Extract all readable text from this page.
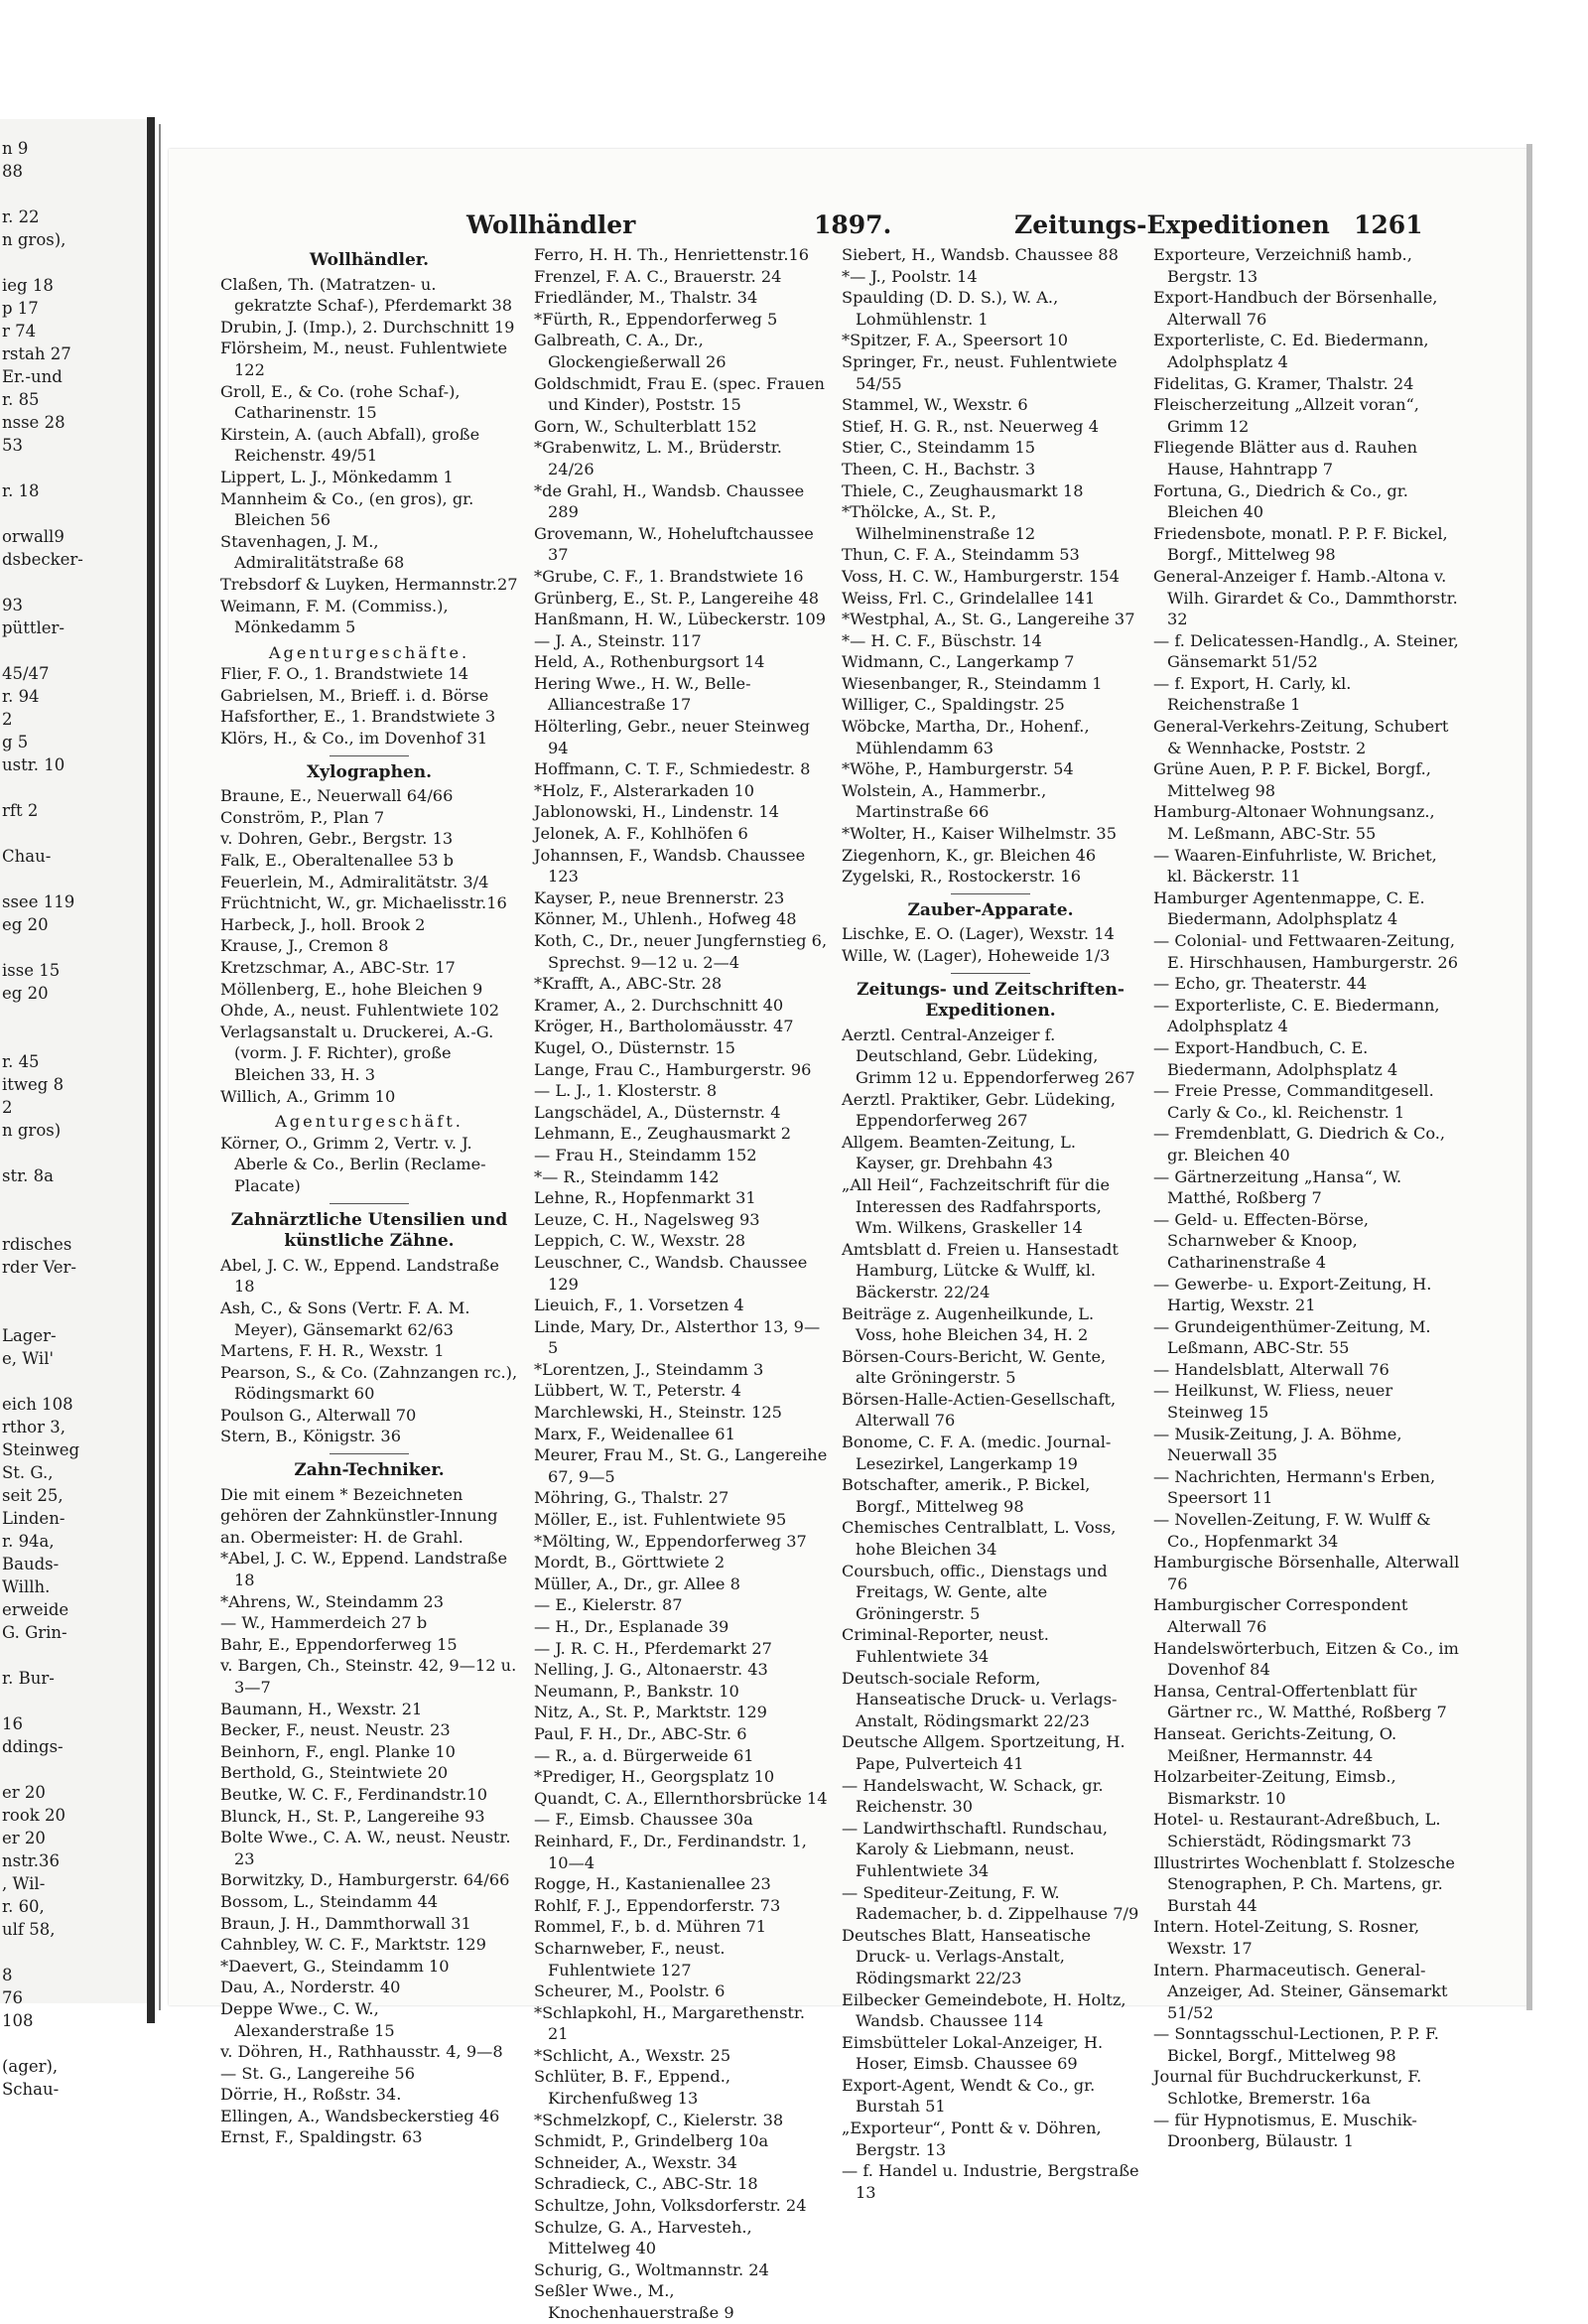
n 9
88

r. 22
n gros),

ieg 18
p 17
r 74
rstah 27
Er.-und
r. 85
nsse 28
53

r. 18

orwall9
dsbecker-

93
püttler-

45/47
r. 94
2
g 5
ustr. 10

rft 2

Chau-

ssee 119
eg 20

isse 15
eg 20

r. 45
itweg 8
2
n gros)

str. 8a

rdisches
rder Ver-

Lager-
e, Wil'

eich 108
rthor 3,
Steinweg
St. G.,
seit 25,
Linden-
r. 94a,
Bauds-
Willh.
erweide
G. Grin-

r. Bur-

16
ddings-

er 20
rook 20
er 20
nstr.36
, Wil-
r. 60,
ulf 58,

8
76
108

(ager),
Schau-
Wollhändler	1897.	Zeitungs-Expeditionen 1261
Wollhändler.
Claßen, Th. (Matratzen- u. gekratzte Schaf-), Pferdemarkt 38
Drubin, J. (Imp.), 2. Durchschnitt 19
Flörsheim, M., neust. Fuhlentwiete 122
Groll, E., & Co. (rohe Schaf-), Catharinenstr. 15
Kirstein, A. (auch Abfall), große Reichenstr. 49/51
Lippert, L. J., Mönkedamm 1
Mannheim & Co., (en gros), gr. Bleichen 56
Stavenhagen, J. M., Admiralitätstraße 68
Trebsdorf & Luyken, Hermannstr.27
Weimann, F. M. (Commiss.), Mönkedamm 5
Agenturgeschäfte.
Flier, F. O., 1. Brandstwiete 14
Gabrielsen, M., Brieff. i. d. Börse
Hafsforther, E., 1. Brandstwiete 3
Klörs, H., & Co., im Dovenhof 31
Xylographen.
Braune, E., Neuerwall 64/66
Conström, P., Plan 7
v. Dohren, Gebr., Bergstr. 13
Falk, E., Oberaltenallee 53 b
Feuerlein, M., Admiralitätstr. 3/4
Früchtnicht, W., gr. Michaelisstr.16
Harbeck, J., holl. Brook 2
Krause, J., Cremon 8
Kretzschmar, A., ABC-Str. 17
Möllenberg, E., hohe Bleichen 9
Ohde, A., neust. Fuhlentwiete 102
Verlagsanstalt u. Druckerei, A.-G. (vorm. J. F. Richter), große Bleichen 33, H. 3
Willich, A., Grimm 10
Agenturgeschäft.
Körner, O., Grimm 2, Vertr. v. J. Aberle & Co., Berlin (Reclame-Placate)
Zahnärztliche Utensilien und künstliche Zähne.
Abel, J. C. W., Eppend. Landstraße 18
Ash, C., & Sons (Vertr. F. A. M. Meyer), Gänsemarkt 62/63
Martens, F. H. R., Wexstr. 1
Pearson, S., & Co. (Zahnzangen rc.), Rödingsmarkt 60
Poulson G., Alterwall 70
Stern, B., Königstr. 36
Zahn-Techniker.
Die mit einem * Bezeichneten gehören der Zahnkünstler-Innung an. Obermeister: H. de Grahl.
*Abel, J. C. W., Eppend. Landstraße 18
*Ahrens, W., Steindamm 23
— W., Hammerdeich 27 b
Bahr, E., Eppendorferweg 15
v. Bargen, Ch., Steinstr. 42, 9—12 u. 3—7
Baumann, H., Wexstr. 21
Becker, F., neust. Neustr. 23
Beinhorn, F., engl. Planke 10
Berthold, G., Steintwiete 20
Beutke, W. C. F., Ferdinandstr.10
Blunck, H., St. P., Langereihe 93
Bolte Wwe., C. A. W., neust. Neustr. 23
Borwitzky, D., Hamburgerstr. 64/66
Bossom, L., Steindamm 44
Braun, J. H., Dammthorwall 31
Cahnbley, W. C. F., Marktstr. 129
*Daevert, G., Steindamm 10
Dau, A., Norderstr. 40
Deppe Wwe., C. W., Alexanderstraße 15
v. Döhren, H., Rathhausstr. 4, 9—8
— St. G., Langereihe 56
Dörrie, H., Roßstr. 34.
Ellingen, A., Wandsbeckerstieg 46
Ernst, F., Spaldingstr. 63
Ferro, H. H. Th., Henriettenstr.16
Frenzel, F. A. C., Brauerstr. 24
Friedländer, M., Thalstr. 34
*Fürth, R., Eppendorferweg 5
Galbreath, C. A., Dr., Glockengießerwall 26
Goldschmidt, Frau E. (spec. Frauen und Kinder), Poststr. 15
Gorn, W., Schulterblatt 152
*Grabenwitz, L. M., Brüderstr. 24/26
*de Grahl, H., Wandsb. Chaussee 289
Grovemann, W., Hoheluftchaussee 37
*Grube, C. F., 1. Brandstwiete 16
Grünberg, E., St. P., Langereihe 48
Hanßmann, H. W., Lübeckerstr. 109
— J. A., Steinstr. 117
Held, A., Rothenburgsort 14
Hering Wwe., H. W., Belle-Alliancestraße 17
Hölterling, Gebr., neuer Steinweg 94
Hoffmann, C. T. F., Schmiedestr. 8
*Holz, F., Alsterarkaden 10
Jablonowski, H., Lindenstr. 14
Jelonek, A. F., Kohlhöfen 6
Johannsen, F., Wandsb. Chaussee 123
Kayser, P., neue Brennerstr. 23
Könner, M., Uhlenh., Hofweg 48
Koth, C., Dr., neuer Jungfernstieg 6, Sprechst. 9—12 u. 2—4
*Krafft, A., ABC-Str. 28
Kramer, A., 2. Durchschnitt 40
Kröger, H., Bartholomäusstr. 47
Kugel, O., Düsternstr. 15
Lange, Frau C., Hamburgerstr. 96
— L. J., 1. Klosterstr. 8
Langschädel, A., Düsternstr. 4
Lehmann, E., Zeughausmarkt 2
— Frau H., Steindamm 152
*— R., Steindamm 142
Lehne, R., Hopfenmarkt 31
Leuze, C. H., Nagelsweg 93
Leppich, C. W., Wexstr. 28
Leuschner, C., Wandsb. Chaussee 129
Lieuich, F., 1. Vorsetzen 4
Linde, Mary, Dr., Alsterthor 13, 9—5
*Lorentzen, J., Steindamm 3
Lübbert, W. T., Peterstr. 4
Marchlewski, H., Steinstr. 125
Marx, F., Weidenallee 61
Meurer, Frau M., St. G., Langereihe 67, 9—5
Möhring, G., Thalstr. 27
Möller, E., ist. Fuhlentwiete 95
*Mölting, W., Eppendorferweg 37
Mordt, B., Görttwiete 2
Müller, A., Dr., gr. Allee 8
— E., Kielerstr. 87
— H., Dr., Esplanade 39
— J. R. C. H., Pferdemarkt 27
Nelling, J. G., Altonaerstr. 43
Neumann, P., Bankstr. 10
Nitz, A., St. P., Marktstr. 129
Paul, F. H., Dr., ABC-Str. 6
— R., a. d. Bürgerweide 61
*Prediger, H., Georgsplatz 10
Quandt, C. A., Ellernthorsbrücke 14
— F., Eimsb. Chaussee 30a
Reinhard, F., Dr., Ferdinandstr. 1, 10—4
Rogge, H., Kastanienallee 23
Rohlf, F. J., Eppendorferstr. 73
Rommel, F., b. d. Mühren 71
Scharnweber, F., neust. Fuhlentwiete 127
Scheurer, M., Poolstr. 6
*Schlapkohl, H., Margarethenstr. 21
*Schlicht, A., Wexstr. 25
Schlüter, B. F., Eppend., Kirchenfußweg 13
*Schmelzkopf, C., Kielerstr. 38
Schmidt, P., Grindelberg 10a
Schneider, A., Wexstr. 34
Schradieck, C., ABC-Str. 18
Schultze, John, Volksdorferstr. 24
Schulze, G. A., Harvestеh., Mittelweg 40
Schurig, G., Woltmannstr. 24
Seßler Wwe., M., Knochenhauerstraße 9
Siebert, H., Wandsb. Chaussee 88
*— J., Poolstr. 14
Spaulding (D. D. S.), W. A., Lohmühlenstr. 1
*Spitzer, F. A., Speersort 10
Springer, Fr., neust. Fuhlentwiete 54/55
Stammel, W., Wexstr. 6
Stief, H. G. R., nst. Neuerweg 4
Stier, C., Steindamm 15
Theen, C. H., Bachstr. 3
Thiele, C., Zeughausmarkt 18
*Thölcke, A., St. P., Wilhelminenstraße 12
Thun, C. F. A., Steindamm 53
Voss, H. C. W., Hamburgerstr. 154
Weiss, Frl. C., Grindelallee 141
*Westphal, A., St. G., Langereihe 37
*— H. C. F., Büschstr. 14
Widmann, C., Langerkamp 7
Wiesenbanger, R., Steindamm 1
Williger, C., Spaldingstr. 25
Wöbcke, Martha, Dr., Hohenf., Mühlendamm 63
*Wöhe, P., Hamburgerstr. 54
Wolstein, A., Hammerbr., Martinstraße 66
*Wolter, H., Kaiser Wilhelmstr. 35
Ziegenhorn, K., gr. Bleichen 46
Zygelski, R., Rostockerstr. 16
Zauber-Apparate.
Lischke, E. O. (Lager), Wexstr. 14
Wille, W. (Lager), Hoheweide 1/3
Zeitungs- und Zeitschriften-Expeditionen.
Aerztl. Central-Anzeiger f. Deutschland, Gebr. Lüdeking, Grimm 12 u. Eppendorferweg 267
Aerztl. Praktiker, Gebr. Lüdeking, Eppendorferweg 267
Allgem. Beamten-Zeitung, L. Kayser, gr. Drehbahn 43
„All Heil“, Fachzeitschrift für die Interessen des Radfahrsports, Wm. Wilkens, Graskeller 14
Amtsblatt d. Freien u. Hansestadt Hamburg, Lütcke & Wulff, kl. Bäckerstr. 22/24
Beiträge z. Augenheilkunde, L. Voss, hohe Bleichen 34, H. 2
Börsen-Cours-Bericht, W. Gente, alte Gröningerstr. 5
Börsen-Halle-Actien-Gesellschaft, Alterwall 76
Bonome, C. F. A. (medic. Journal-Lesezirkel, Langerkamp 19
Botschafter, amerik., P. Bickel, Borgf., Mittelweg 98
Chemisches Centralblatt, L. Voss, hohe Bleichen 34
Coursbuch, offic., Dienstags und Freitags, W. Gente, alte Gröningerstr. 5
Criminal-Reporter, neust. Fuhlentwiete 34
Deutsch-sociale Reform, Hanseatische Druck- u. Verlags-Anstalt, Rödingsmarkt 22/23
Deutsche Allgem. Sportzeitung, H. Pape, Pulverteich 41
— Handelswacht, W. Schack, gr. Reichenstr. 30
— Landwirthschaftl. Rundschau, Karoly & Liebmann, neust. Fuhlentwiete 34
— Spediteur-Zeitung, F. W. Rademacher, b. d. Zippelhause 7/9
Deutsches Blatt, Hanseatische Druck- u. Verlags-Anstalt, Rödingsmarkt 22/23
Eilbecker Gemeindebote, H. Holtz, Wandsb. Chaussee 114
Eimsbütteler Lokal-Anzeiger, H. Hoser, Eimsb. Chaussee 69
Export-Agent, Wendt & Co., gr. Burstah 51
„Exporteur“, Pontt & v. Döhren, Bergstr. 13
— f. Handel u. Industrie, Bergstraße 13
Exporteure, Verzeichniß hamb., Bergstr. 13
Export-Handbuch der Börsenhalle, Alterwall 76
Exporterliste, C. Ed. Biedermann, Adolphsplatz 4
Fidelitas, G. Kramer, Thalstr. 24
Fleischerzeitung „Allzeit voran“, Grimm 12
Fliegende Blätter aus d. Rauhen Hause, Hahntrapp 7
Fortuna, G., Diedrich & Co., gr. Bleichen 40
Friedensbote, monatl. P. P. F. Bickel, Borgf., Mittelweg 98
General-Anzeiger f. Hamb.-Altona v. Wilh. Girardet & Co., Dammthorstr. 32
— f. Delicatessen-Handlg., A. Steiner, Gänsemarkt 51/52
— f. Export, H. Carly, kl. Reichenstraße 1
General-Verkehrs-Zeitung, Schubert & Wennhacke, Poststr. 2
Grüne Auen, P. P. F. Bickel, Borgf., Mittelweg 98
Hamburg-Altonaer Wohnungsanz., M. Leßmann, ABC-Str. 55
— Waaren-Einfuhrliste, W. Brichet, kl. Bäckerstr. 11
Hamburger Agentenmappe, C. E. Biedermann, Adolphsplatz 4
— Colonial- und Fettwaaren-Zeitung, E. Hirschhausen, Hamburgerstr. 26
— Echo, gr. Theaterstr. 44
— Exporterliste, C. E. Biedermann, Adolphsplatz 4
— Export-Handbuch, C. E. Biedermann, Adolphsplatz 4
— Freie Presse, Commanditgesell. Carly & Co., kl. Reichenstr. 1
— Fremdenblatt, G. Diedrich & Co., gr. Bleichen 40
— Gärtnerzeitung „Hansa“, W. Matthé, Roßberg 7
— Geld- u. Effecten-Börse, Scharnweber & Knoop, Catharinenstraße 4
— Gewerbe- u. Export-Zeitung, H. Hartig, Wexstr. 21
— Grundeigenthümer-Zeitung, M. Leßmann, ABC-Str. 55
— Handelsblatt, Alterwall 76
— Heilkunst, W. Fliess, neuer Steinweg 15
— Musik-Zeitung, J. A. Böhme, Neuerwall 35
— Nachrichten, Hermann's Erben, Speersort 11
— Novellen-Zeitung, F. W. Wulff & Co., Hopfenmarkt 34
Hamburgische Börsenhalle, Alterwall 76
Hamburgischer Correspondent Alterwall 76
Handelswörterbuch, Eitzen & Co., im Dovenhof 84
Hansa, Central-Offertenblatt für Gärtner rc., W. Matthé, Roßberg 7
Hanseat. Gerichts-Zeitung, O. Meißner, Hermannstr. 44
Holzarbeiter-Zeitung, Eimsb., Bismarkstr. 10
Hotel- u. Restaurant-Adreßbuch, L. Schierstädt, Rödingsmarkt 73
Illustrirtes Wochenblatt f. Stolzesche Stenographen, P. Ch. Martens, gr. Burstah 44
Intern. Hotel-Zeitung, S. Rosner, Wexstr. 17
Intern. Pharmaceutisch. General-Anzeiger, Ad. Steiner, Gänsemarkt 51/52
— Sonntagsschul-Lectionen, P. P. F. Bickel, Borgf., Mittelweg 98
Journal für Buchdruckerkunst, F. Schlotke, Bremerstr. 16a
— für Hypnotismus, E. Muschik-Droonberg, Bülaustr. 1
